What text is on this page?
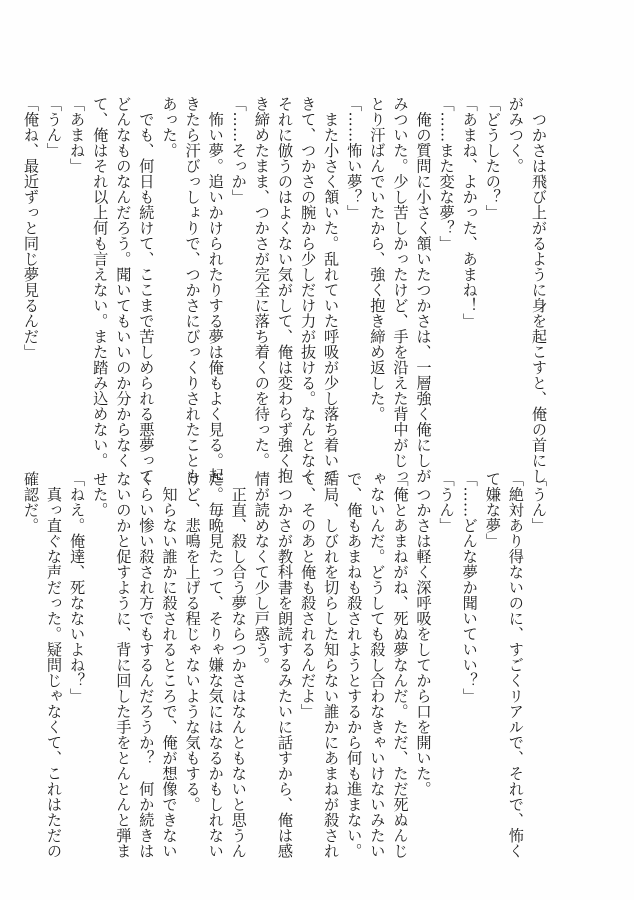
　つかさは飛び上がるように身を起こすと、俺の首にし
がみつく。
「どうしたの？」
「あまね、よかった、あまね！」
「……また変な夢？」
　俺の質問に小さく頷いたつかさは、一層強く俺にしが
みついた。少し苦しかったけど、手を沿えた背中がじっ
とり汗ばんでいたから、強く抱き締め返した。
「……怖い夢？」
　また小さく頷いた。乱れていた呼吸が少し落ち着いて
きて、つかさの腕から少しだけ力が抜ける。なんとなく
それに倣うのはよくない気がして、俺は変わらず強く抱
き締めたまま、つかさが完全に落ち着くのを待った。
「……そっか」
　怖い夢。追いかけられたりする夢は俺もよく見る。起
きたら汗びっしょりで、つかさにびっくりされたことも
あった。
　でも、何日も続けて、ここまで苦しめられる悪夢って
どんなものなんだろう。聞いてもいいのか分からなく
て、俺はそれ以上何も言えない。また踏み込めない。
「あまね」
「うん」
「俺ね、最近ずっと同じ夢見るんだ」
「うん」
「絶対あり得ないのに、すごくリアルで、それで、怖く
て嫌な夢」
「……どんな夢か聞いていい？」
「うん」
　つかさは軽く深呼吸をしてから口を開いた。
「俺とあまねがね、死ぬ夢なんだ。ただ、ただ死ぬんじ
ゃないんだ。どうしても殺し合わなきゃいけないみたい
で、俺もあまねも殺されようとするから何も進まない。
結局、しびれを切らした知らない誰かにあまねが殺され
て、そのあと俺も殺されるんだよ」
　つかさが教科書を朗読するみたいに話すから、俺は感
情が読めなくて少し戸惑う。
　正直、殺し合う夢ならつかさはなんともないと思うん
だ。毎晩見たって、そりゃ嫌な気にはなるかもしれない
けど、悲鳴を上げる程じゃないような気もする。
　知らない誰かに殺されるところで、俺が想像できない
くらい惨い殺され方でもするんだろうか？　何か続きは
ないのかと促すように、背に回した手をとんとんと弾ま
せた。
「ねえ。俺達、死なないよね？」
　真っ直ぐな声だった。疑問じゃなくて、これはただの
確認だ。
